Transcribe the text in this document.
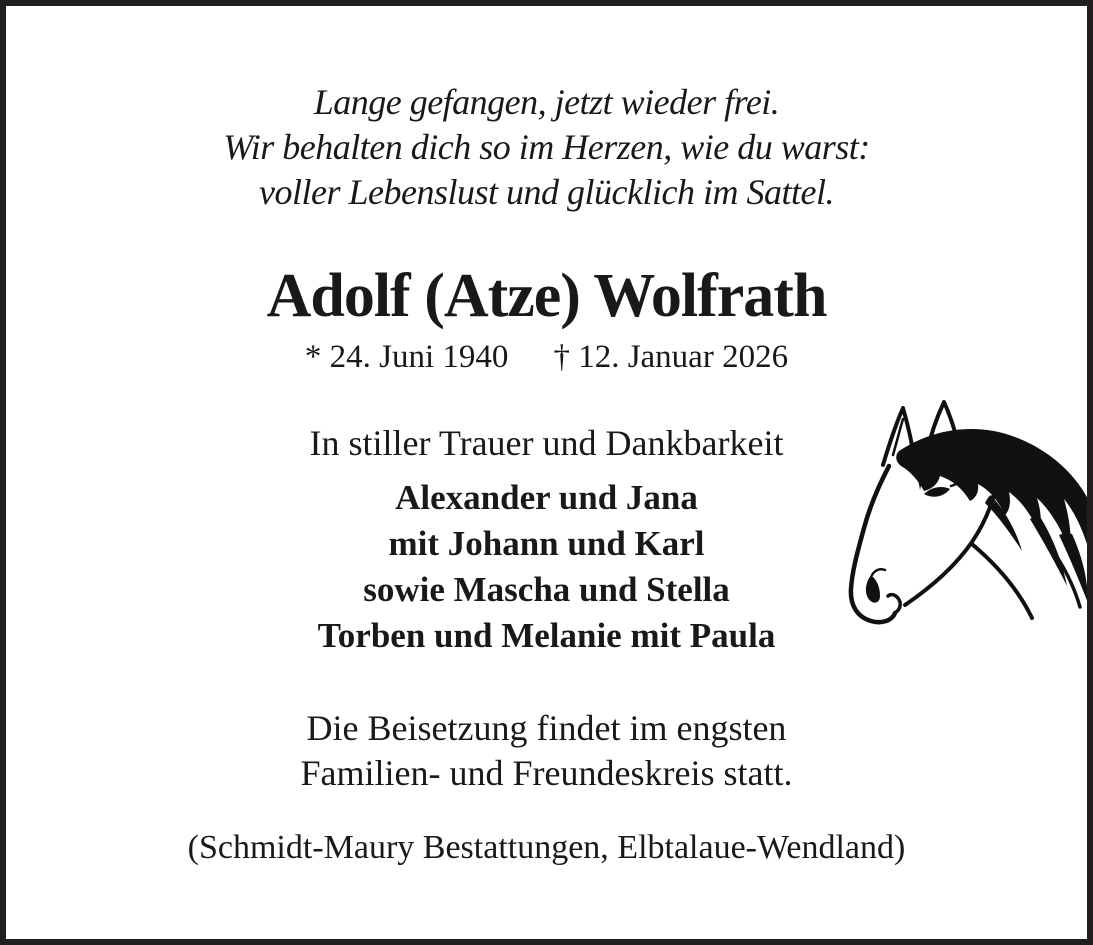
Lange gefangen, jetzt wieder frei.
Wir behalten dich so im Herzen, wie du warst:
voller Lebenslust und glücklich im Sattel.
Adolf (Atze) Wolfrath
* 24. Juni 1940 † 12. Januar 2026
In stiller Trauer und Dankbarkeit
Alexander und Jana
mit Johann und Karl
sowie Mascha und Stella
Torben und Melanie mit Paula
Die Beisetzung findet im engsten
Familien- und Freundeskreis statt.
(Schmidt-Maury Bestattungen, Elbtalaue-Wendland)
